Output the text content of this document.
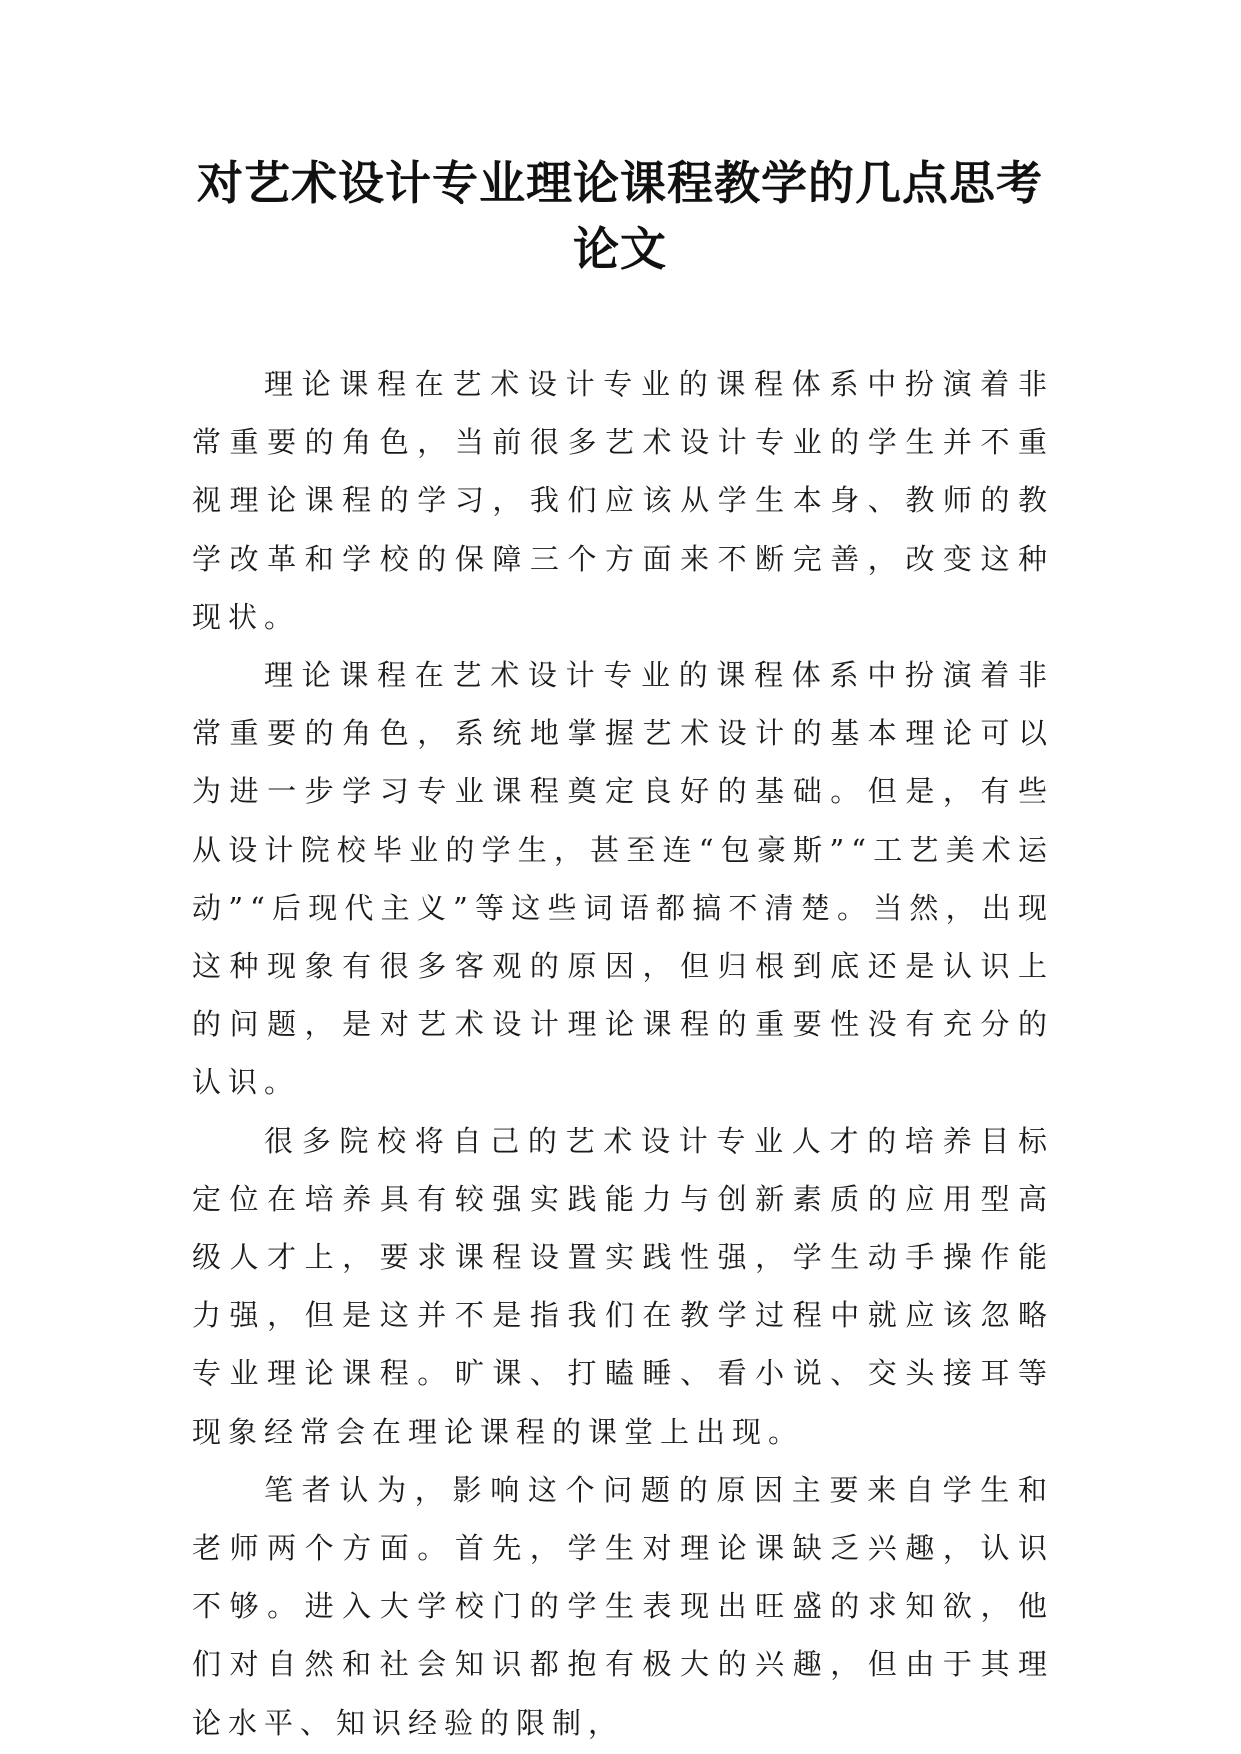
对艺术设计专业理论课程教学的几点思考
论文

理论课程在艺术设计专业的课程体系中扮演着非常重要的角色，当前很多艺术设计专业的学生并不重视理论课程的学习，我们应该从学生本身、教师的教学改革和学校的保障三个方面来不断完善，改变这种现状。

理论课程在艺术设计专业的课程体系中扮演着非常重要的角色，系统地掌握艺术设计的基本理论可以为进一步学习专业课程奠定良好的基础。但是，有些从设计院校毕业的学生，甚至连“包豪斯”“工艺美术运动”“后现代主义”等这些词语都搞不清楚。当然，出现这种现象有很多客观的原因，但归根到底还是认识上的问题，是对艺术设计理论课程的重要性没有充分的认识。

很多院校将自己的艺术设计专业人才的培养目标定位在培养具有较强实践能力与创新素质的应用型高级人才上，要求课程设置实践性强，学生动手操作能力强，但是这并不是指我们在教学过程中就应该忽略专业理论课程。旷课、打瞌睡、看小说、交头接耳等现象经常会在理论课程的课堂上出现。

笔者认为，影响这个问题的原因主要来自学生和老师两个方面。首先，学生对理论课缺乏兴趣，认识不够。进入大学校门的学生表现出旺盛的求知欲，他们对自然和社会知识都抱有极大的兴趣，但由于其理论水平、知识经验的限制，
